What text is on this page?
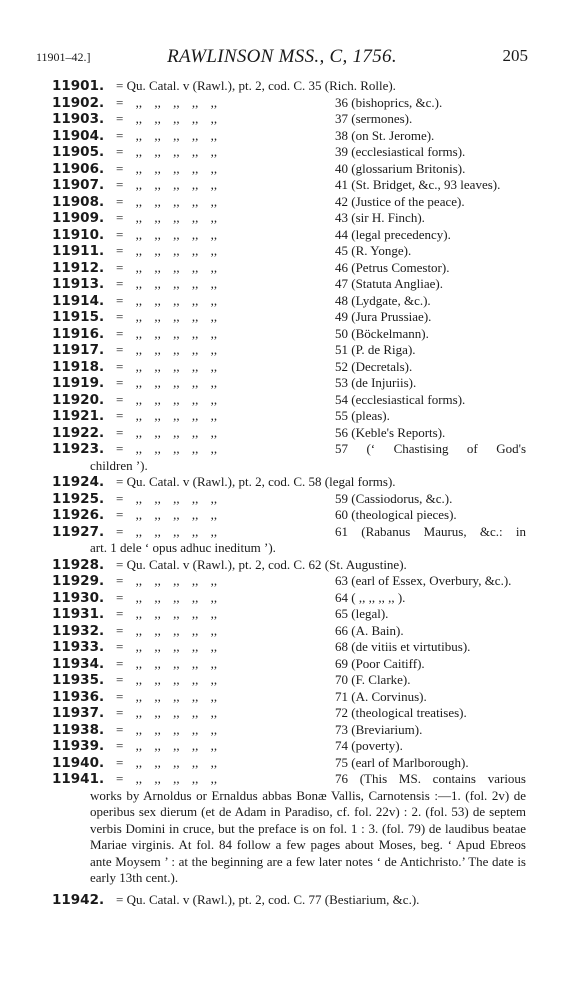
11901–42.]	RAWLINSON MSS., C, 1756.	205
11901. = Qu. Catal. v (Rawl.), pt. 2, cod. C. 35 (Rich. Rolle).
11902. = ,, ,, ,, ,, ,,	36 (bishoprics, &c.).
11903. = ,, ,, ,, ,, ,,	37 (sermones).
11904. = ,, ,, ,, ,, ,,	38 (on St. Jerome).
11905. = ,, ,, ,, ,, ,,	39 (ecclesiastical forms).
11906. = ,, ,, ,, ,, ,,	40 (glossarium Britonis).
11907. = ,, ,, ,, ,, ,,	41 (St. Bridget, &c., 93 leaves).
11908. = ,, ,, ,, ,, ,,	42 (Justice of the peace).
11909. = ,, ,, ,, ,, ,,	43 (sir H. Finch).
11910. = ,, ,, ,, ,, ,,	44 (legal precedency).
11911. = ,, ,, ,, ,, ,,	45 (R. Yonge).
11912. = ,, ,, ,, ,, ,,	46 (Petrus Comestor).
11913. = ,, ,, ,, ,, ,,	47 (Statuta Angliae).
11914. = ,, ,, ,, ,, ,,	48 (Lydgate, &c.).
11915. = ,, ,, ,, ,, ,,	49 (Jura Prussiae).
11916. = ,, ,, ,, ,, ,,	50 (Böckelmann).
11917. = ,, ,, ,, ,, ,,	51 (P. de Riga).
11918. = ,, ,, ,, ,, ,,	52 (Decretals).
11919. = ,, ,, ,, ,, ,,	53 (de Injuriis).
11920. = ,, ,, ,, ,, ,,	54 (ecclesiastical forms).
11921. = ,, ,, ,, ,, ,,	55 (pleas).
11922. = ,, ,, ,, ,, ,,	56 (Keble's Reports).
11923. = ,, ,, ,, ,, ,,	57 (‘ Chastising of God's
children ’).
11924. = Qu. Catal. v (Rawl.), pt. 2, cod. C. 58 (legal forms).
11925. = ,, ,, ,, ,, ,,	59 (Cassiodorus, &c.).
11926. = ,, ,, ,, ,, ,,	60 (theological pieces).
11927. = ,, ,, ,, ,, ,,	61 (Rabanus Maurus, &c.: in
art. 1 dele ‘ opus adhuc ineditum ’).
11928. = Qu. Catal. v (Rawl.), pt. 2, cod. C. 62 (St. Augustine).
11929. = ,, ,, ,, ,, ,,	63 (earl of Essex, Overbury, &c.).
11930. = ,, ,, ,, ,, ,,	64 ( ,, ,, ,, ,, ).
11931. = ,, ,, ,, ,, ,,	65 (legal).
11932. = ,, ,, ,, ,, ,,	66 (A. Bain).
11933. = ,, ,, ,, ,, ,,	68 (de vitiis et virtutibus).
11934. = ,, ,, ,, ,, ,,	69 (Poor Caitiff).
11935. = ,, ,, ,, ,, ,,	70 (F. Clarke).
11936. = ,, ,, ,, ,, ,,	71 (A. Corvinus).
11937. = ,, ,, ,, ,, ,,	72 (theological treatises).
11938. = ,, ,, ,, ,, ,,	73 (Breviarium).
11939. = ,, ,, ,, ,, ,,	74 (poverty).
11940. = ,, ,, ,, ,, ,,	75 (earl of Marlborough).
11941. = ,, ,, ,, ,, ,,	76 (This MS. contains various
works by Arnoldus or Ernaldus abbas Bonæ Vallis, Carnotensis :—1. (fol. 2v) de operibus sex dierum (et de Adam in Paradiso, cf. fol. 22v) : 2. (fol. 53) de septem verbis Domini in cruce, but the preface is on fol. 1 : 3. (fol. 79) de laudibus beatae Mariae virginis. At fol. 84 follow a few pages about Moses, beg. ‘ Apud Ebreos ante Moysem ’ : at the beginning are a few later notes ‘ de Antichristo.’ The date is early 13th cent.).
11942. = Qu. Catal. v (Rawl.), pt. 2, cod. C. 77 (Bestiarium, &c.).
